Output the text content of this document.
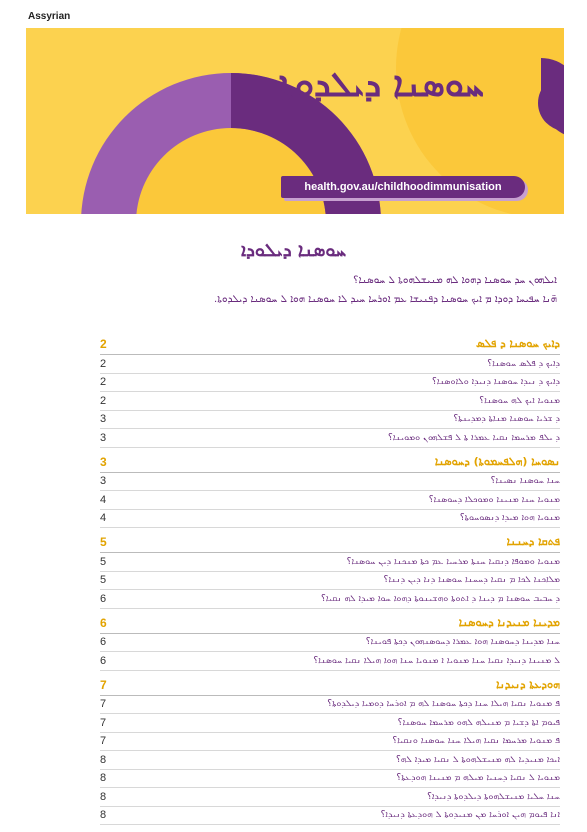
Assyrian
ܚܘܣܢܐ ܕܝܠܕܘܬܐ
health.gov.au/childhoodimmunisation
ܚܘܣܢܐ ܕܝܠܘܕܐ
ܐܝܠܗܘܢ ܚܕ ܚܘܣܢܐ ܕܗܘܐ ܠܗ ܡܢܝܫܠܗܘܬܐ ܠ ܚܘܣܢܐ؟
ܗ̈ܢܐ ܚܦܝܚܐ ܕܘܕܐ ܡ ܐܝܟ ܚܘܣܢܐ ܕܦܢܝܫܐ ܥܡ ܐܘܪܚܐ ܚܝܕ ܠܐ ܚܘܣܢܐ ܗܘܐ ܠ ܚܘܣܢܐ ܕܝܠܕܘܬܐ.
2	ܕܐܝܟ ܚܘܣܢܐ ܕ ܦܠܣ
2	ܕܐܝܟ ܕ ܦܠܣ ܚܘܣܢܐ؟
2	ܕܐܝܟ ܕ ܢܝܕܐ ܚܘܣܢܐ ܕܢܝܕܐ ܘܠܐܘܣܢܐ؟
2	ܡܢܘܝܐ ܐܝܟ ܠܗ ܚܘܣܢܐ؟
3	ܕ ܫܪܝܐ ܚܘܣܢܐ ܡܢܐܬܐ ܕܡܕܝܢܬܐ؟
3	ܕ ܝܠܦ ܡܪܚܡܐ ܢܩܝܐ ܥܡܪܐ ܬܐ ܠ ܦܫܠܗܘܢ ܘܡܘܝܢܐ؟
3	ܢܣܘܚܐ (ܗܠܦܚܡܘܬܐ) ܕܚܘܣܢܐ
3	ܚܢܐ ܚܘܣܢܐ ܢܣܝܢܐ؟
4	ܡܢܘܝܐ ܚܢܐ ܡܢܝܢܐ ܘܡܘܟܠܐ ܕܚܘܣܢܐ؟
4	ܡܢܘܝܐ ܗܘܐ ܡܝܕܐ ܕܢܣܘܚܘܬܐ؟
5	ܦܬܩܐ ܕܚܢܢܐ
5	ܡܢܘܝܐ ܘܡܘܦܐ ܕܢܩܝܐ ܚܢܬܐ ܡܪܚܝܐ ܥܡ ܟܬܐ ܡܢܟܢܐ ܕܝܢ ܚܘܣܢܐ؟
5	ܡܠܐܟܢܐ ܠܟܐ ܡ ܢܩܝܐ ܕܚܚܢܐ ܚܘܣܢܐ ܕܢܐ ܕܝܢ ܕܢܢܐ؟
6	ܕ ܚܒܝܒ ܚܘܣܢܐ ܡ ܕܝܢܐ ܕ ܐܬܘܬܐ ܘܗܫܝܢܘܬܐ ܕܗܘܐ ܚܘܐ ܡܝܕܐ ܠܗ ܢܩܝܐ؟
6	ܡܕܝܢܐ ܡܢܝܕܢܐ ܕܚܘܣܢܐ
6	ܚܢܐ ܡܕܝܢܐ ܕܚܘܣܢܐ ܗܘܐ ܥܡܪܐ ܕܚܘܣܢܗܘܢ ܕܟܬܐ ܦܘܝܢܐ؟
6	ܠ ܡܢܝܢܐ ܕܢܝܕܐ ܢܩܝܐ ܚܢܐ ܡܢܘܝܐ ܐ ܡܢܘܝܐ ܚܢܐ ܗܘܐ ܗܝܠܐ ܢܩܝܐ ܚܘܣܢܐ؟
7	ܗܘܕܥܬܐ ܕܢܝܕܢܐ
7	ܦ ܡܢܘܝܐ ܢܩܝܐ ܗܝܠܐ ܚܢܐ ܕܟܬܐ ܚܘܣܢܐ ܠܗ ܡ ܐܘܪܚܐ ܕܘܡܝܐ ܕܝܠܕܘܬܐ؟
7	ܦܝܘܡ ܐܬܐ ܕܫܝܐ ܡ ܡܢܝܠܗ ܠܗܘ ܡܪܚܡܐ ܚܘܣܢܐ؟
7	ܦ ܡܢܘܝܐ ܡܪܚܡܐ ܢܩܝܐ ܗܝܠܐ ܚܢܐ ܚܘܣܢܐ ܘܢܩܝܐ؟
8	ܐܝܟܐ ܡܢܝܕܝܐ ܠܗ ܡܢܝܫܠܗܘܬܐ ܠ ܢܩܝܐ ܡܝܕܐ ܠܗ؟
8	ܡܢܘܝܐ ܠ ܢܩܝܐ ܕܚܢܝܐ ܡܝܠܗ ܡ ܡܢܝܢܐ ܗܘܕܥܬܐ؟
8	ܚܢܐ ܚܠܝܐ ܡܢܝܫܠܗܘܬܐ ܕܝܠܕܘܬܐ ܕܢܝܕܐ؟
8	ܐܢܐ ܦܝܘܡ ܗܝܢ ܐܘܪܚܐ ܡܢ ܡܢܝܕܘܬܐ ܠ ܗܘܕܥܬܐ ܕܢܝܕܐ؟
